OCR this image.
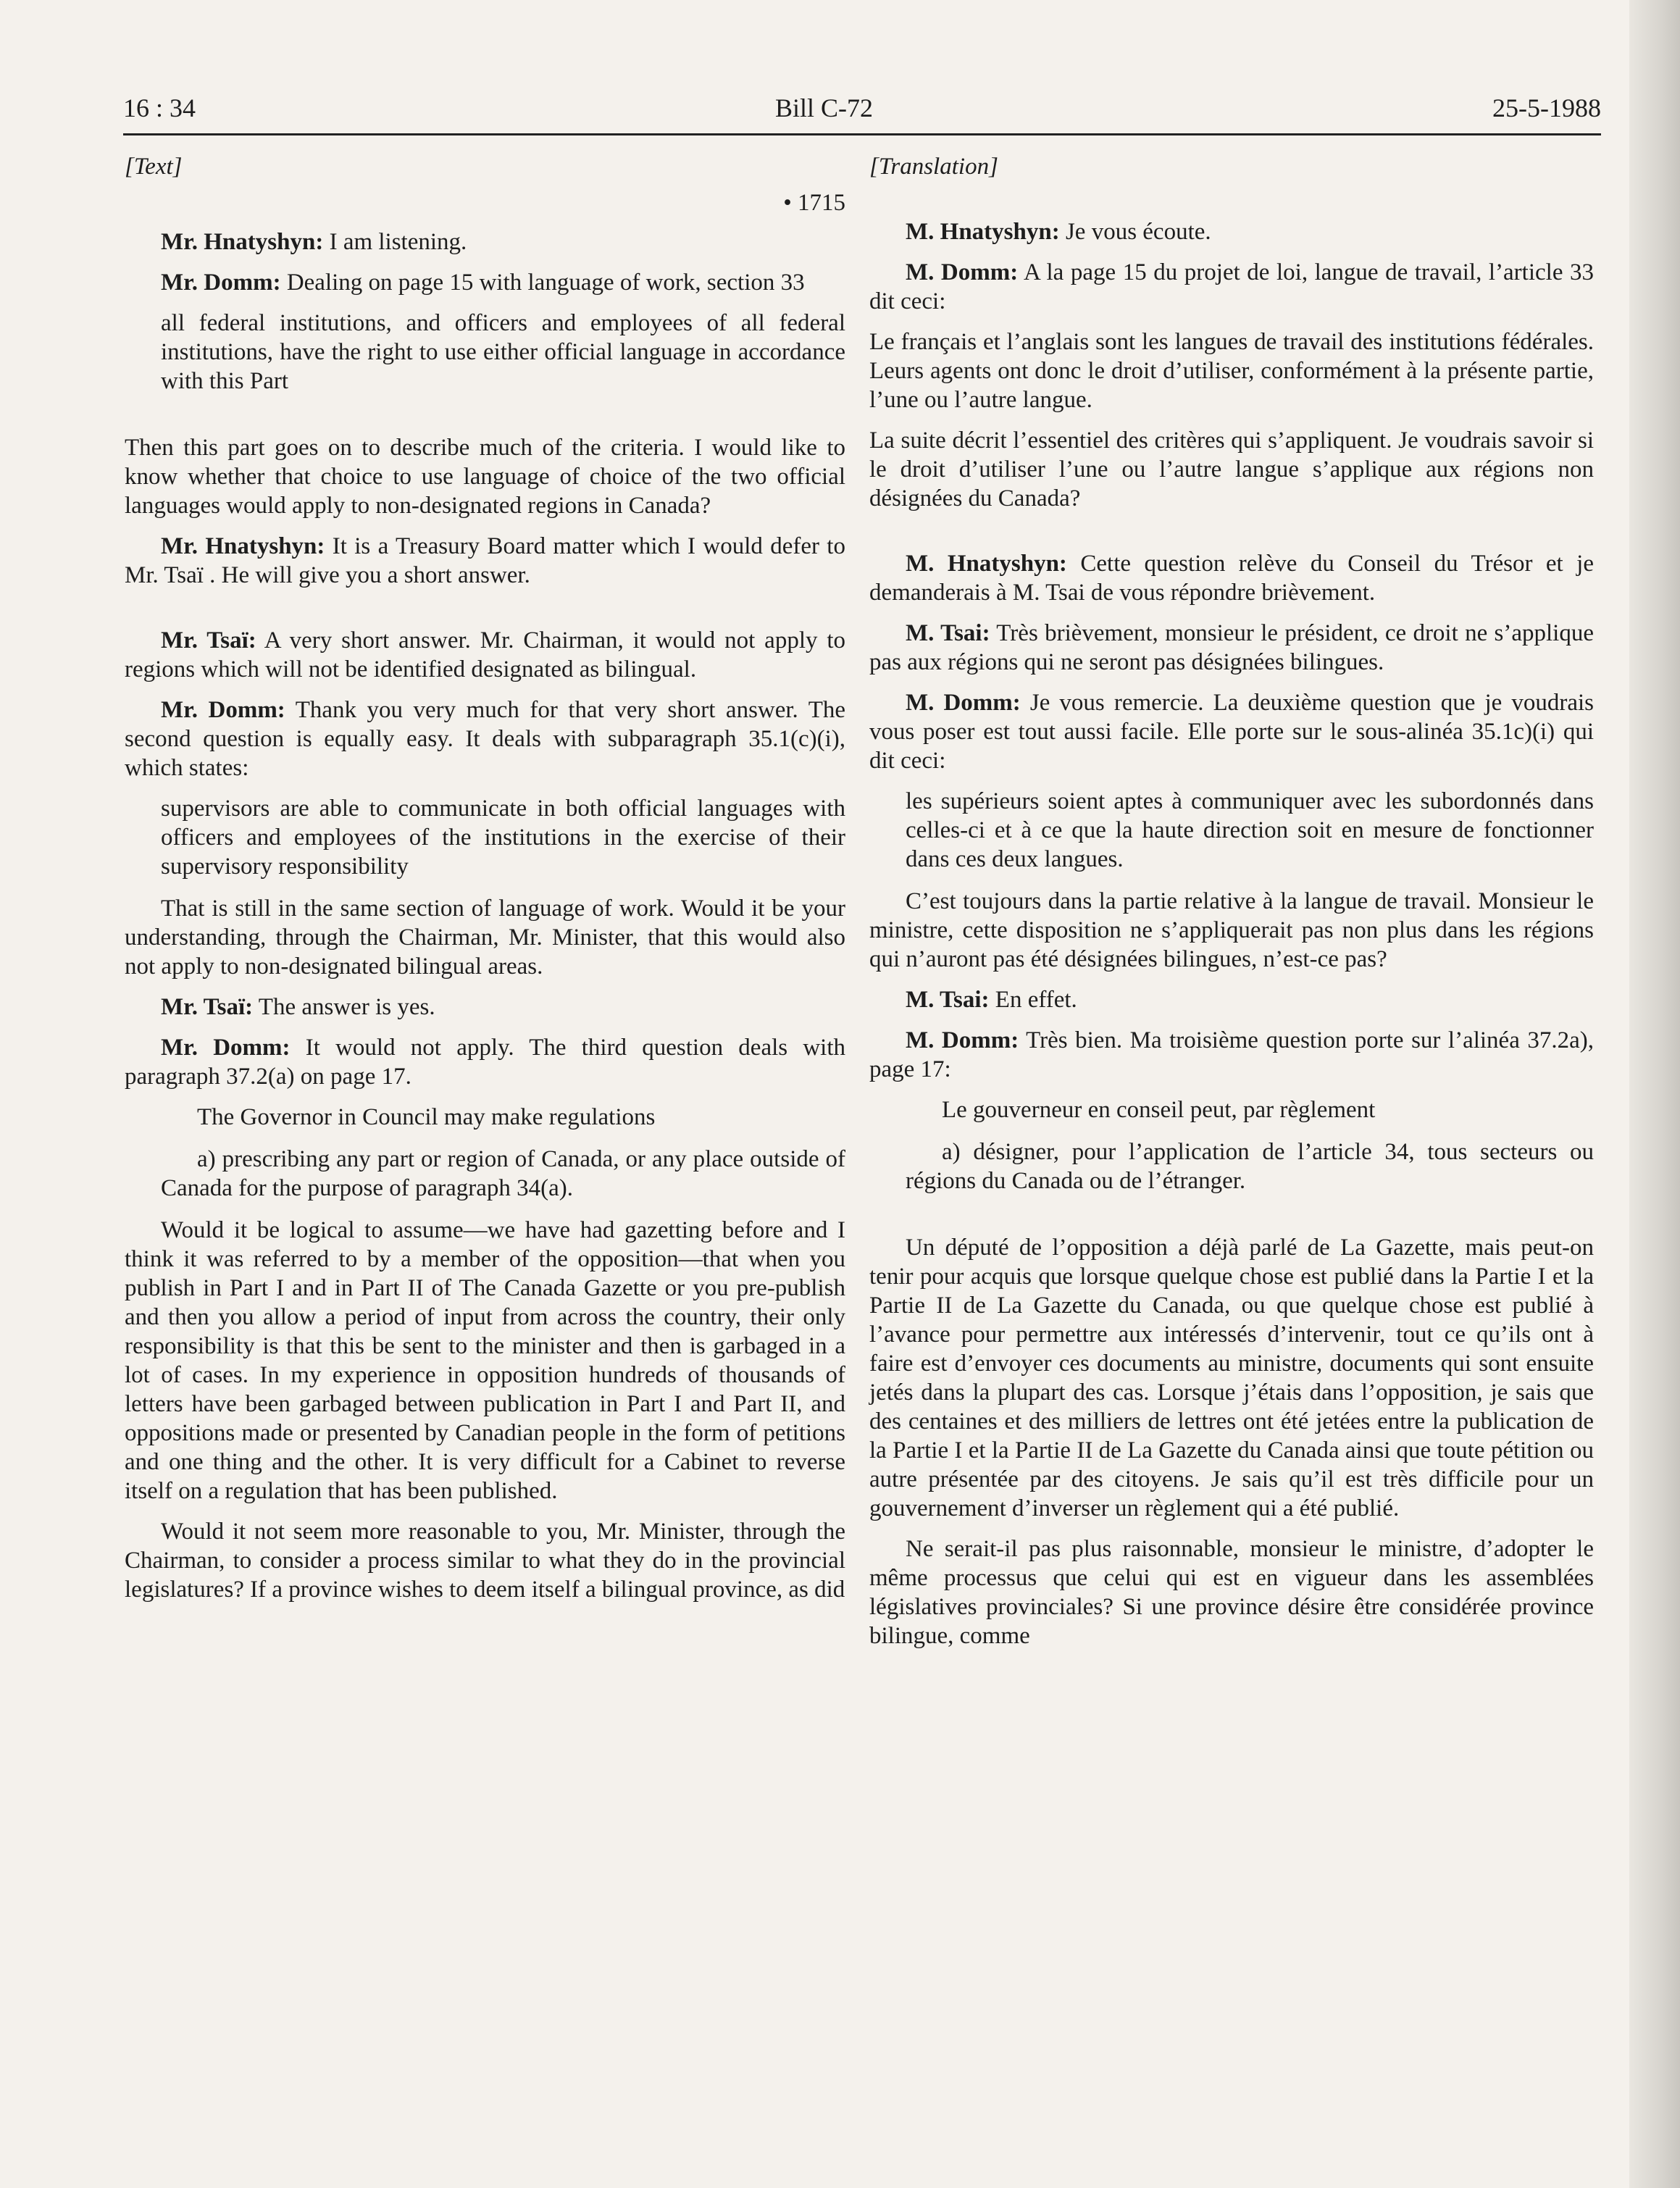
16 : 34	Bill C-72	25-5-1988

[Text]

• 1715

Mr. Hnatyshyn: I am listening.

Mr. Domm: Dealing on page 15 with language of work, section 33

all federal institutions, and officers and employees of all federal institutions, have the right to use either official language in accordance with this Part

Then this part goes on to describe much of the criteria. I would like to know whether that choice to use language of choice of the two official languages would apply to non-designated regions in Canada?

Mr. Hnatyshyn: It is a Treasury Board matter which I would defer to Mr. Tsaï . He will give you a short answer.

Mr. Tsaï: A very short answer. Mr. Chairman, it would not apply to regions which will not be identified designated as bilingual.

Mr. Domm: Thank you very much for that very short answer. The second question is equally easy. It deals with subparagraph 35.1(c)(i), which states:

supervisors are able to communicate in both official languages with officers and employees of the institutions in the exercise of their supervisory responsibility

That is still in the same section of language of work. Would it be your understanding, through the Chairman, Mr. Minister, that this would also not apply to non-designated bilingual areas.

Mr. Tsaï: The answer is yes.

Mr. Domm: It would not apply. The third question deals with paragraph 37.2(a) on page 17.

The Governor in Council may make regulations

a) prescribing any part or region of Canada, or any place outside of Canada for the purpose of paragraph 34(a).

Would it be logical to assume—we have had gazetting before and I think it was referred to by a member of the opposition—that when you publish in Part I and in Part II of The Canada Gazette or you pre-publish and then you allow a period of input from across the country, their only responsibility is that this be sent to the minister and then is garbaged in a lot of cases. In my experience in opposition hundreds of thousands of letters have been garbaged between publication in Part I and Part II, and oppositions made or presented by Canadian people in the form of petitions and one thing and the other. It is very difficult for a Cabinet to reverse itself on a regulation that has been published.

Would it not seem more reasonable to you, Mr. Minister, through the Chairman, to consider a process similar to what they do in the provincial legislatures? If a province wishes to deem itself a bilingual province, as did

[Translation]

M. Hnatyshyn: Je vous écoute.

M. Domm: A la page 15 du projet de loi, langue de travail, l’article 33 dit ceci:

Le français et l’anglais sont les langues de travail des institutions fédérales. Leurs agents ont donc le droit d’utiliser, conformément à la présente partie, l’une ou l’autre langue.

La suite décrit l’essentiel des critères qui s’appliquent. Je voudrais savoir si le droit d’utiliser l’une ou l’autre langue s’applique aux régions non désignées du Canada?

M. Hnatyshyn: Cette question relève du Conseil du Trésor et je demanderais à M. Tsai de vous répondre brièvement.

M. Tsai: Très brièvement, monsieur le président, ce droit ne s’applique pas aux régions qui ne seront pas désignées bilingues.

M. Domm: Je vous remercie. La deuxième question que je voudrais vous poser est tout aussi facile. Elle porte sur le sous-alinéa 35.1c)(i) qui dit ceci:

les supérieurs soient aptes à communiquer avec les subordonnés dans celles-ci et à ce que la haute direction soit en mesure de fonctionner dans ces deux langues.

C’est toujours dans la partie relative à la langue de travail. Monsieur le ministre, cette disposition ne s’appliquerait pas non plus dans les régions qui n’auront pas été désignées bilingues, n’est-ce pas?

M. Tsai: En effet.

M. Domm: Très bien. Ma troisième question porte sur l’alinéa 37.2a), page 17:

Le gouverneur en conseil peut, par règlement

a) désigner, pour l’application de l’article 34, tous secteurs ou régions du Canada ou de l’étranger.

Un député de l’opposition a déjà parlé de La Gazette, mais peut-on tenir pour acquis que lorsque quelque chose est publié dans la Partie I et la Partie II de La Gazette du Canada, ou que quelque chose est publié à l’avance pour permettre aux intéressés d’intervenir, tout ce qu’ils ont à faire est d’envoyer ces documents au ministre, documents qui sont ensuite jetés dans la plupart des cas. Lorsque j’étais dans l’opposition, je sais que des centaines et des milliers de lettres ont été jetées entre la publication de la Partie I et la Partie II de La Gazette du Canada ainsi que toute pétition ou autre présentée par des citoyens. Je sais qu’il est très difficile pour un gouvernement d’inverser un règlement qui a été publié.

Ne serait-il pas plus raisonnable, monsieur le ministre, d’adopter le même processus que celui qui est en vigueur dans les assemblées législatives provinciales? Si une province désire être considérée province bilingue, comme
